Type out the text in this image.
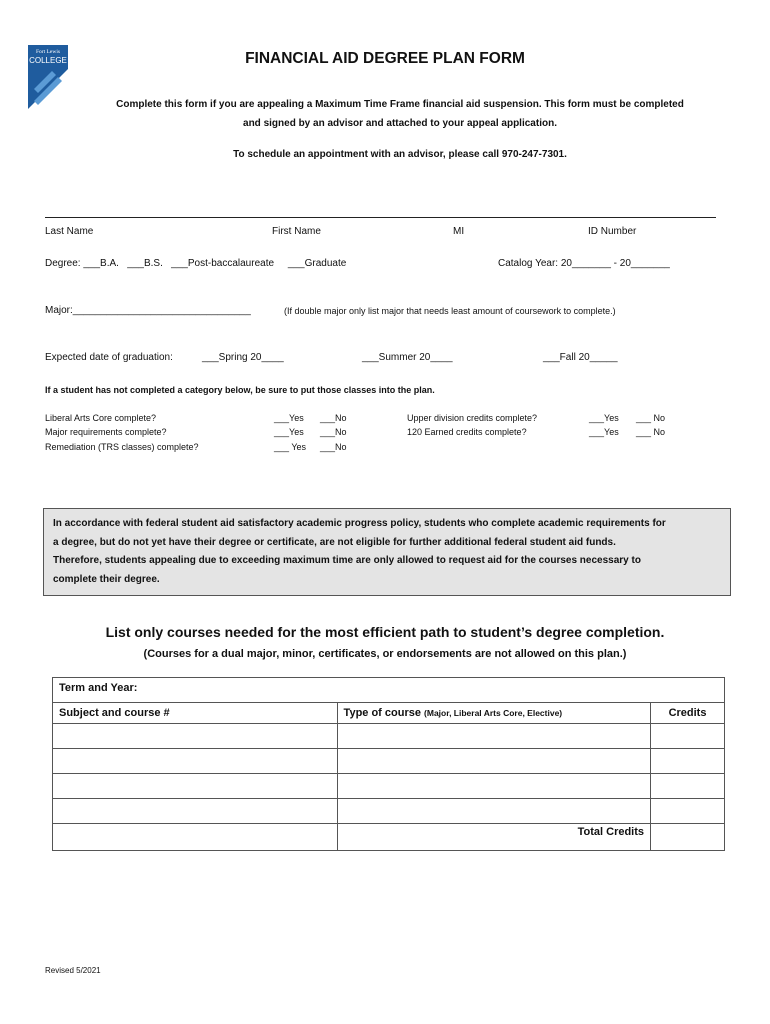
Fort Lewis
COLLEGE	FINANCIAL AID DEGREE PLAN FORM
Complete this form if you are appealing a Maximum Time Frame financial aid suspension. This form must be completed
and signed by an advisor and attached to your appeal application.
To schedule an appointment with an advisor, please call 970-247-7301.
Last Name	First Name	MI	ID Number
Degree: ___B.A.   ___B.S.   ___Post-baccalaureate     ___Graduate	Catalog Year: 20_______ - 20_______
Major:________________________________	(If double major only list major that needs least amount of coursework to complete.)
Expected date of graduation:	___Spring 20____	___Summer 20____	___Fall 20_____
If a student has not completed a category below, be sure to put those classes into the plan.
Liberal Arts Core complete?	___Yes ___No
Major requirements complete?	___Yes ___No
Remediation (TRS classes) complete?	___ Yes ___No
Upper division credits complete?	___Yes ___ No
120 Earned credits complete?	___Yes ___ No
In accordance with federal student aid satisfactory academic progress policy, students who complete academic requirements for
a degree, but do not yet have their degree or certificate, are not eligible for further additional federal student aid funds.
Therefore, students appealing due to exceeding maximum time are only allowed to request aid for the courses necessary to
complete their degree.
List only courses needed for the most efficient path to student’s degree completion.
(Courses for a dual major, minor, certificates, or endorsements are not allowed on this plan.)
Term and Year:		
Subject and course #	Type of course (Major, Liberal Arts Core, Elective)	Credits

	Total Credits	
Revised 5/2021
